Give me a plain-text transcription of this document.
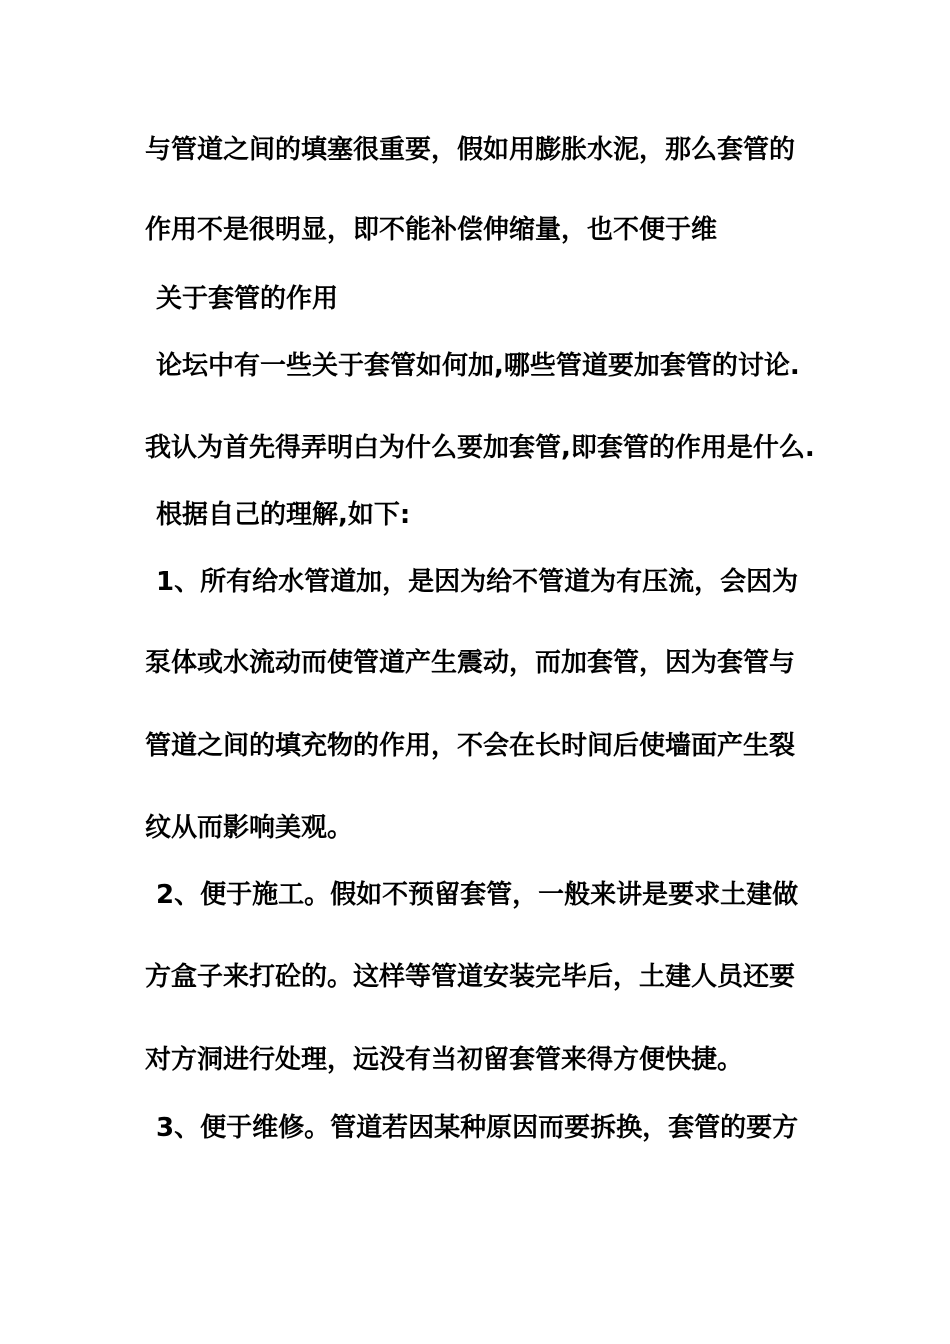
与管道之间的填塞很重要，假如用膨胀水泥，那么套管的
作用不是很明显，即不能补偿伸缩量，也不便于维
关于套管的作用
论坛中有一些关于套管如何加,哪些管道要加套管的讨论.
我认为首先得弄明白为什么要加套管,即套管的作用是什么.
根据自己的理解,如下:
1、所有给水管道加，是因为给不管道为有压流，会因为
泵体或水流动而使管道产生震动，而加套管，因为套管与
管道之间的填充物的作用，不会在长时间后使墙面产生裂
纹从而影响美观。
2、便于施工。假如不预留套管，一般来讲是要求土建做
方盒子来打砼的。这样等管道安装完毕后，土建人员还要
对方洞进行处理，远没有当初留套管来得方便快捷。
3、便于维修。管道若因某种原因而要拆换，套管的要方
